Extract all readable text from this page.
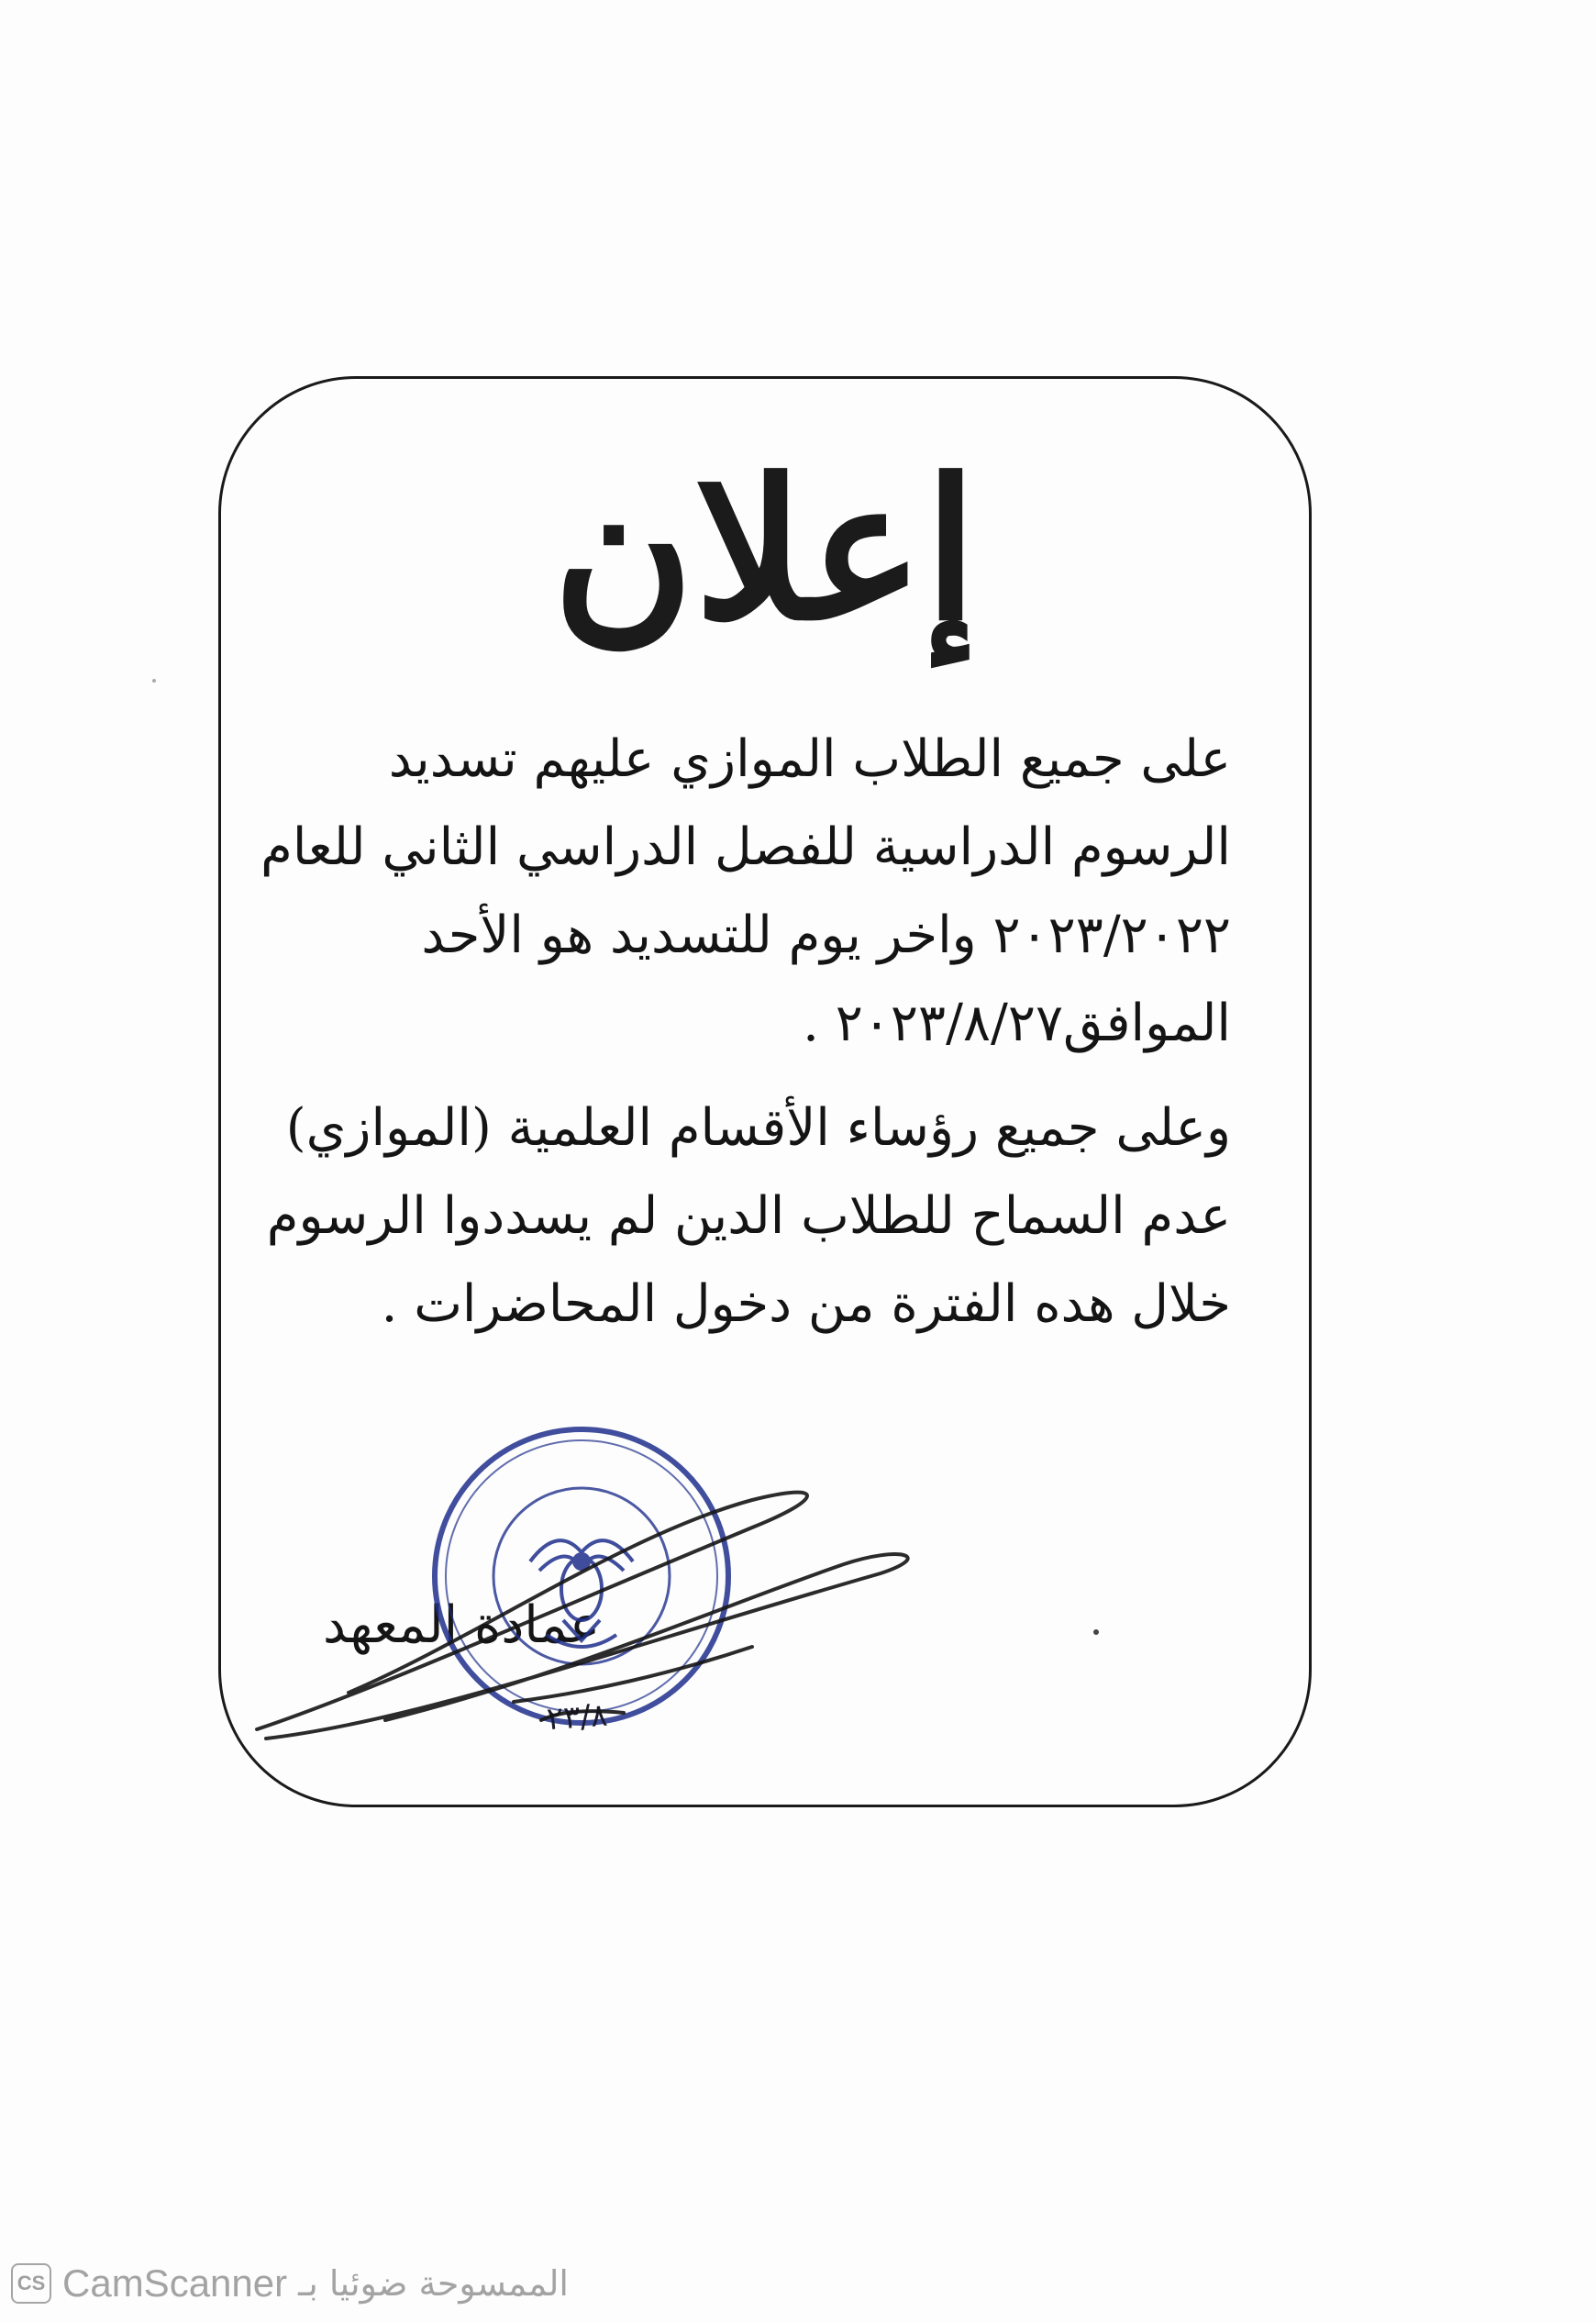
إعلان
على جميع الطلاب الموازي عليهم تسديد
الرسوم الدراسية للفصل الدراسي الثاني للعام
٢٠٢٣/٢٠٢٢ واخر يوم للتسديد هو الأحد
الموافق٢٠٢٣/٨/٢٧ .
وعلى جميع رؤساء الأقسام العلمية (الموازي)
عدم السماح للطلاب الدين لم يسددوا الرسوم
خلال هده الفترة من دخول المحاضرات .
عمادة المعهد
٢٣/٨
CS CamScanner الممسوحة ضوئيا بـ
